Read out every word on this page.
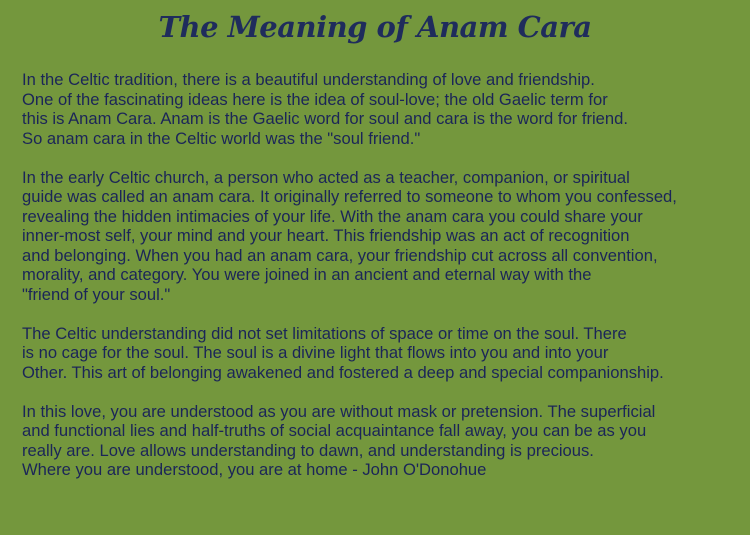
The Meaning of Anam Cara

In the Celtic tradition, there is a beautiful understanding of love and friendship.
One of the fascinating ideas here is the idea of soul-love; the old Gaelic term for
this is Anam Cara. Anam is the Gaelic word for soul and cara is the word for friend.
So anam cara in the Celtic world was the "soul friend."

In the early Celtic church, a person who acted as a teacher, companion, or spiritual
guide was called an anam cara. It originally referred to someone to whom you confessed,
revealing the hidden intimacies of your life. With the anam cara you could share your
inner-most self, your mind and your heart. This friendship was an act of recognition
and belonging. When you had an anam cara, your friendship cut across all convention,
morality, and category. You were joined in an ancient and eternal way with the
"friend of your soul."

The Celtic understanding did not set limitations of space or time on the soul. There
is no cage for the soul. The soul is a divine light that flows into you and into your
Other. This art of belonging awakened and fostered a deep and special companionship.

In this love, you are understood as you are without mask or pretension. The superficial
and functional lies and half-truths of social acquaintance fall away, you can be as you
really are. Love allows understanding to dawn, and understanding is precious.
Where you are understood, you are at home - John O'Donohue
